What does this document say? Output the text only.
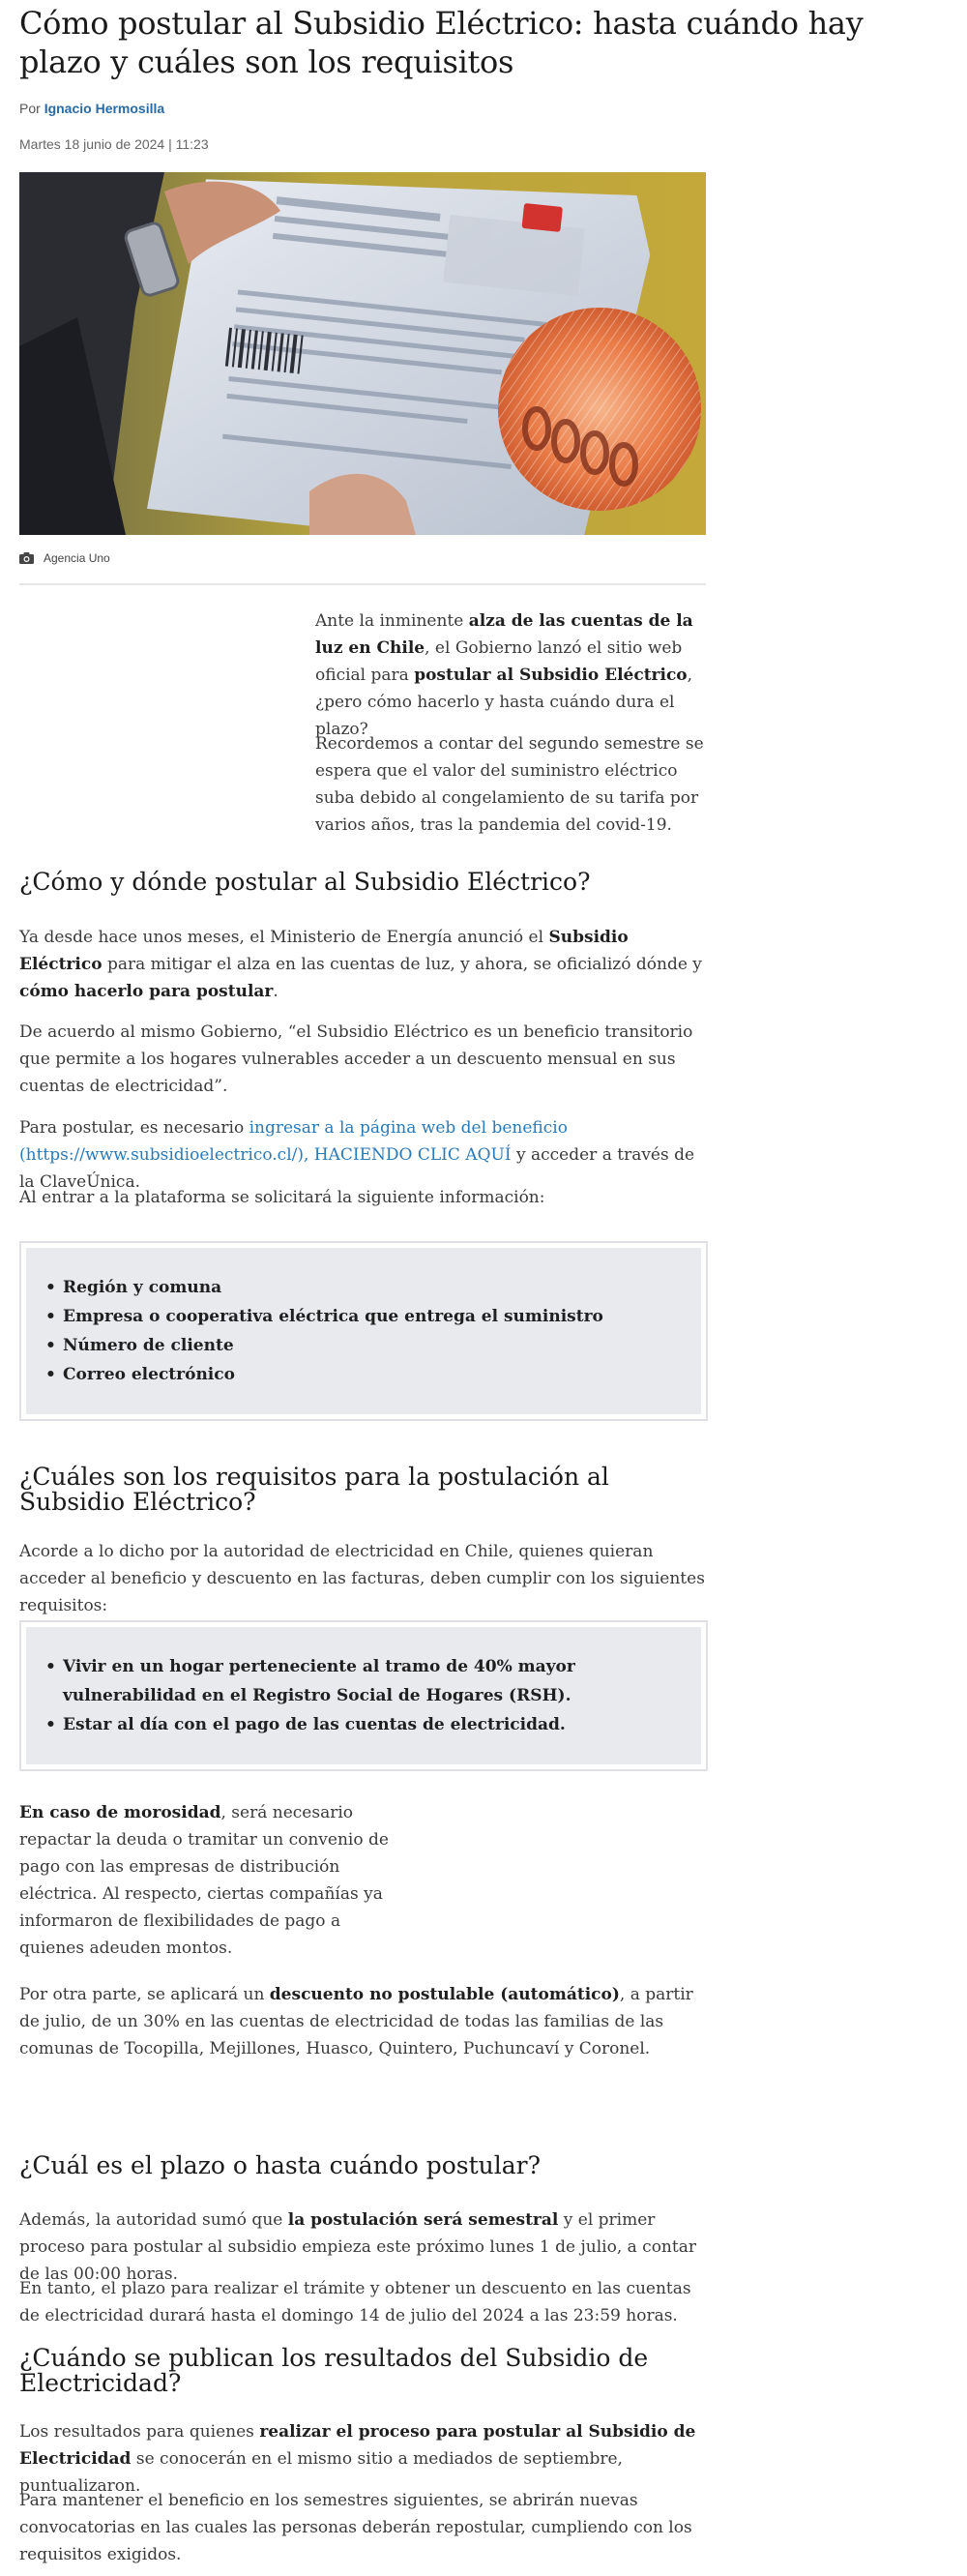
Cómo postular al Subsidio Eléctrico: hasta cuándo hay plazo y cuáles son los requisitos
Por Ignacio Hermosilla
Martes 18 junio de 2024 | 11:23
Agencia Uno

Ante la inminente alza de las cuentas de la luz en Chile, el Gobierno lanzó el sitio web oficial para postular al Subsidio Eléctrico, ¿pero cómo hacerlo y hasta cuándo dura el plazo?

Recordemos a contar del segundo semestre se espera que el valor del suministro eléctrico suba debido al congelamiento de su tarifa por varios años, tras la pandemia del covid-19.

¿Cómo y dónde postular al Subsidio Eléctrico?

Ya desde hace unos meses, el Ministerio de Energía anunció el Subsidio Eléctrico para mitigar el alza en las cuentas de luz, y ahora, se oficializó dónde y cómo hacerlo para postular.

De acuerdo al mismo Gobierno, “el Subsidio Eléctrico es un beneficio transitorio que permite a los hogares vulnerables acceder a un descuento mensual en sus cuentas de electricidad”.

Para postular, es necesario ingresar a la página web del beneficio (https://www.subsidioelectrico.cl/), HACIENDO CLIC AQUÍ y acceder a través de la ClaveÚnica.

Al entrar a la plataforma se solicitará la siguiente información:

• Región y comuna
• Empresa o cooperativa eléctrica que entrega el suministro
• Número de cliente
• Correo electrónico
¿Cuáles son los requisitos para la postulación al Subsidio Eléctrico?

Acorde a lo dicho por la autoridad de electricidad en Chile, quienes quieran acceder al beneficio y descuento en las facturas, deben cumplir con los siguientes requisitos:

• Vivir en un hogar perteneciente al tramo de 40% mayor vulnerabilidad en el Registro Social de Hogares (RSH).
• Estar al día con el pago de las cuentas de electricidad.

En caso de morosidad, será necesario repactar la deuda o tramitar un convenio de pago con las empresas de distribución eléctrica. Al respecto, ciertas compañías ya informaron de flexibilidades de pago a quienes adeuden montos.

Por otra parte, se aplicará un descuento no postulable (automático), a partir de julio, de un 30% en las cuentas de electricidad de todas las familias de las comunas de Tocopilla, Mejillones, Huasco, Quintero, Puchuncaví y Coronel.

¿Cuál es el plazo o hasta cuándo postular?

Además, la autoridad sumó que la postulación será semestral y el primer proceso para postular al subsidio empieza este próximo lunes 1 de julio, a contar de las 00:00 horas.

En tanto, el plazo para realizar el trámite y obtener un descuento en las cuentas de electricidad durará hasta el domingo 14 de julio del 2024 a las 23:59 horas.

¿Cuándo se publican los resultados del Subsidio de Electricidad?

Los resultados para quienes realizar el proceso para postular al Subsidio de Electricidad se conocerán en el mismo sitio a mediados de septiembre, puntualizaron.

Para mantener el beneficio en los semestres siguientes, se abrirán nuevas convocatorias en las cuales las personas deberán repostular, cumpliendo con los requisitos exigidos.
